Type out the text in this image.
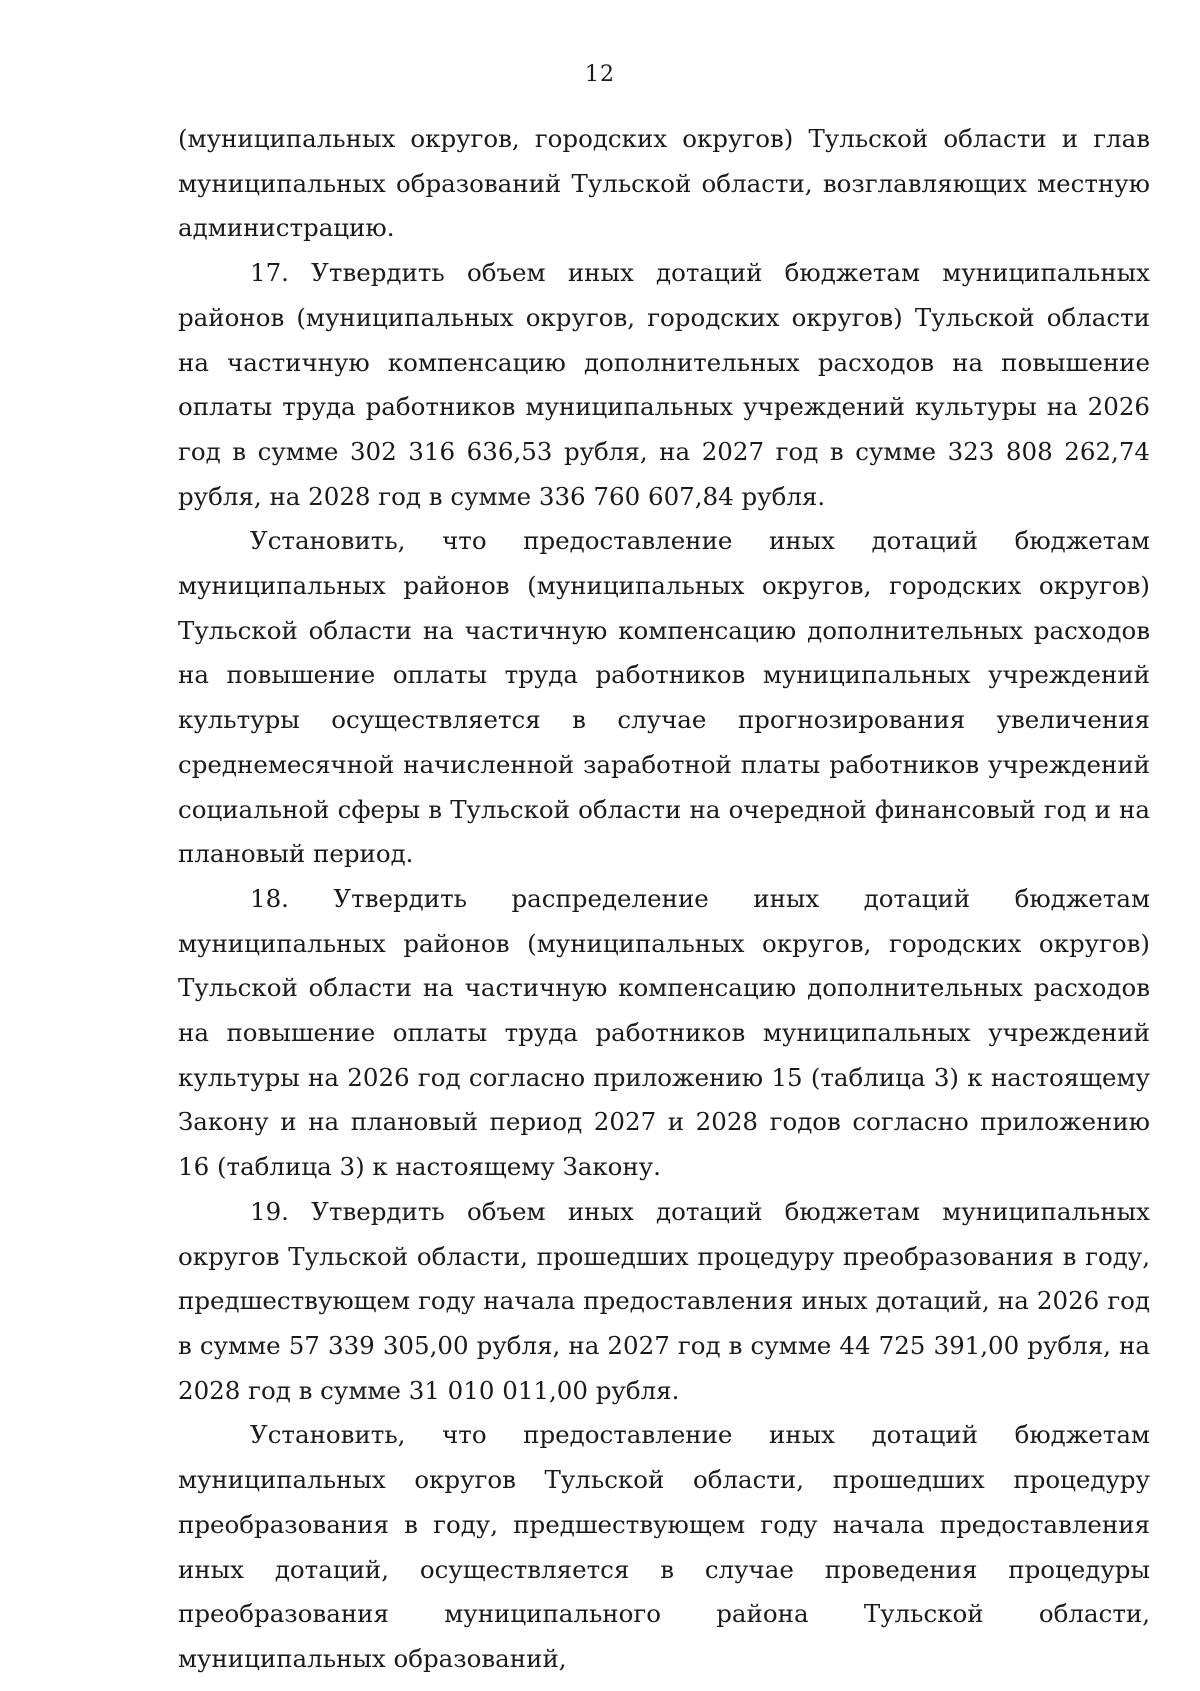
12

(муниципальных округов, городских округов) Тульской области и глав муниципальных образований Тульской области, возглавляющих местную администрацию.

17. Утвердить объем иных дотаций бюджетам муниципальных районов (муниципальных округов, городских округов) Тульской области на частичную компенсацию дополнительных расходов на повышение оплаты труда работников муниципальных учреждений культуры на 2026 год в сумме 302 316 636,53 рубля, на 2027 год в сумме 323 808 262,74 рубля, на 2028 год в сумме 336 760 607,84 рубля.

Установить, что предоставление иных дотаций бюджетам муниципальных районов (муниципальных округов, городских округов) Тульской области на частичную компенсацию дополнительных расходов на повышение оплаты труда работников муниципальных учреждений культуры осуществляется в случае прогнозирования увеличения среднемесячной начисленной заработной платы работников учреждений социальной сферы в Тульской области на очередной финансовый год и на плановый период.

18. Утвердить распределение иных дотаций бюджетам муниципальных районов (муниципальных округов, городских округов) Тульской области на частичную компенсацию дополнительных расходов на повышение оплаты труда работников муниципальных учреждений культуры на 2026 год согласно приложению 15 (таблица 3) к настоящему Закону и на плановый период 2027 и 2028 годов согласно приложению 16 (таблица 3) к настоящему Закону.

19. Утвердить объем иных дотаций бюджетам муниципальных округов Тульской области, прошедших процедуру преобразования в году, предшествующем году начала предоставления иных дотаций, на 2026 год в сумме 57 339 305,00 рубля, на 2027 год в сумме 44 725 391,00 рубля, на 2028 год в сумме 31 010 011,00 рубля.

Установить, что предоставление иных дотаций бюджетам муниципальных округов Тульской области, прошедших процедуру преобразования в году, предшествующем году начала предоставления иных дотаций, осуществляется в случае проведения процедуры преобразования муниципального района Тульской области, муниципальных образований,
